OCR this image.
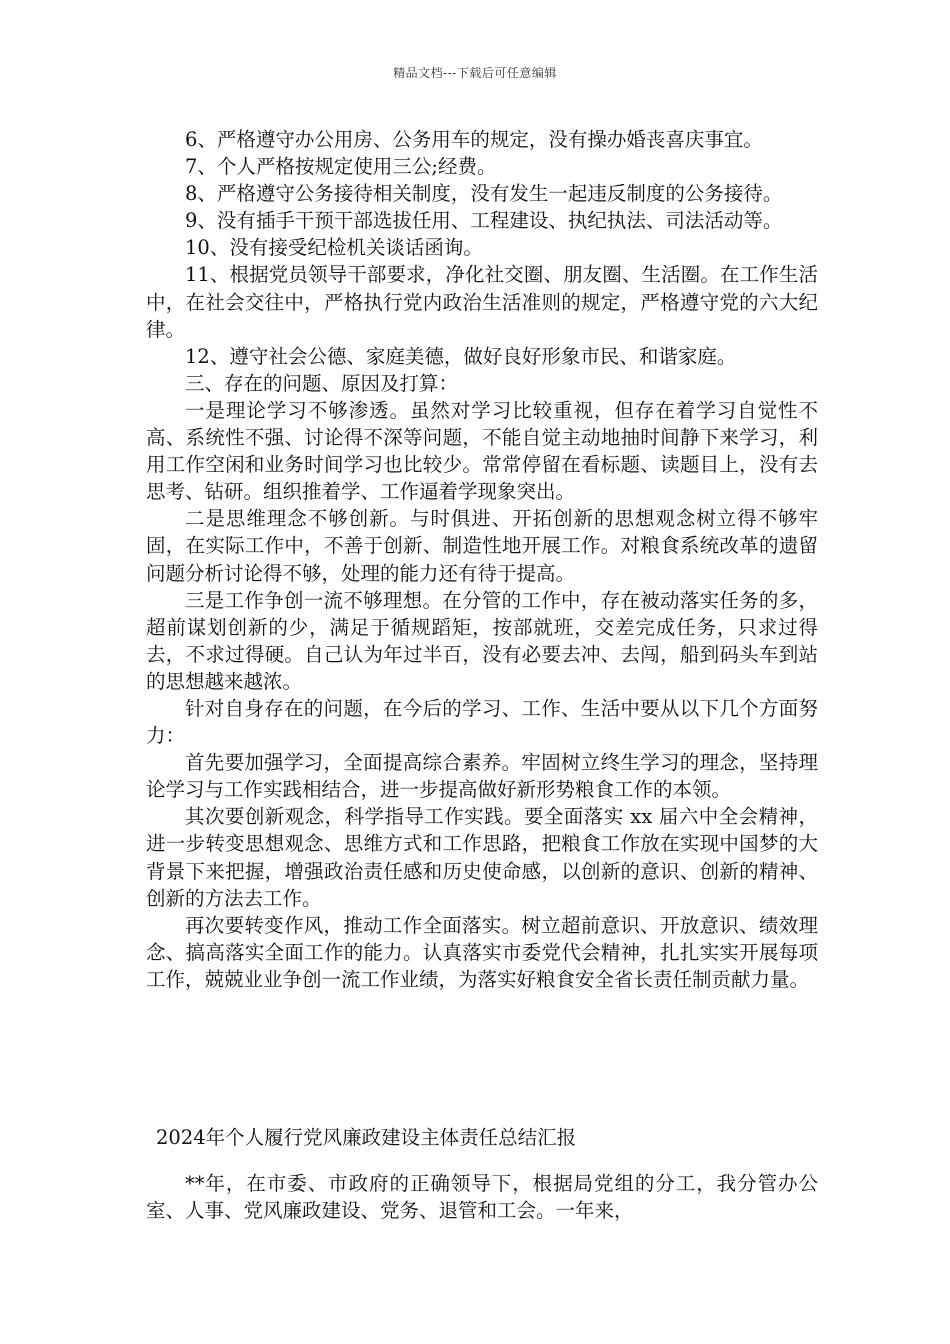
精品文档---下载后可任意编辑

6、严格遵守办公用房、公务用车的规定，没有操办婚丧喜庆事宜。

7、个人严格按规定使用三公;经费。

8、严格遵守公务接待相关制度，没有发生一起违反制度的公务接待。

9、没有插手干预干部选拔任用、工程建设、执纪执法、司法活动等。

10、没有接受纪检机关谈话函询。

11、根据党员领导干部要求，净化社交圈、朋友圈、生活圈。在工作生活中，在社会交往中，严格执行党内政治生活准则的规定，严格遵守党的六大纪律。

12、遵守社会公德、家庭美德，做好良好形象市民、和谐家庭。

三、存在的问题、原因及打算：

一是理论学习不够渗透。虽然对学习比较重视，但存在着学习自觉性不高、系统性不强、讨论得不深等问题，不能自觉主动地抽时间静下来学习，利用工作空闲和业务时间学习也比较少。常常停留在看标题、读题目上，没有去思考、钻研。组织推着学、工作逼着学现象突出。

二是思维理念不够创新。与时俱进、开拓创新的思想观念树立得不够牢固，在实际工作中，不善于创新、制造性地开展工作。对粮食系统改革的遗留问题分析讨论得不够，处理的能力还有待于提高。

三是工作争创一流不够理想。在分管的工作中，存在被动落实任务的多，超前谋划创新的少，满足于循规蹈矩，按部就班，交差完成任务，只求过得去，不求过得硬。自己认为年过半百，没有必要去冲、去闯，船到码头车到站的思想越来越浓。

针对自身存在的问题，在今后的学习、工作、生活中要从以下几个方面努力：

首先要加强学习，全面提高综合素养。牢固树立终生学习的理念，坚持理论学习与工作实践相结合，进一步提高做好新形势粮食工作的本领。

其次要创新观念，科学指导工作实践。要全面落实 xx 届六中全会精神，进一步转变思想观念、思维方式和工作思路，把粮食工作放在实现中国梦的大背景下来把握，增强政治责任感和历史使命感，以创新的意识、创新的精神、创新的方法去工作。

再次要转变作风，推动工作全面落实。树立超前意识、开放意识、绩效理念、搞高落实全面工作的能力。认真落实市委党代会精神，扎扎实实开展每项工作，兢兢业业争创一流工作业绩，为落实好粮食安全省长责任制贡献力量。

2024年个人履行党风廉政建设主体责任总结汇报

**年，在市委、市政府的正确领导下，根据局党组的分工，我分管办公室、人事、党风廉政建设、党务、退管和工会。一年来，
